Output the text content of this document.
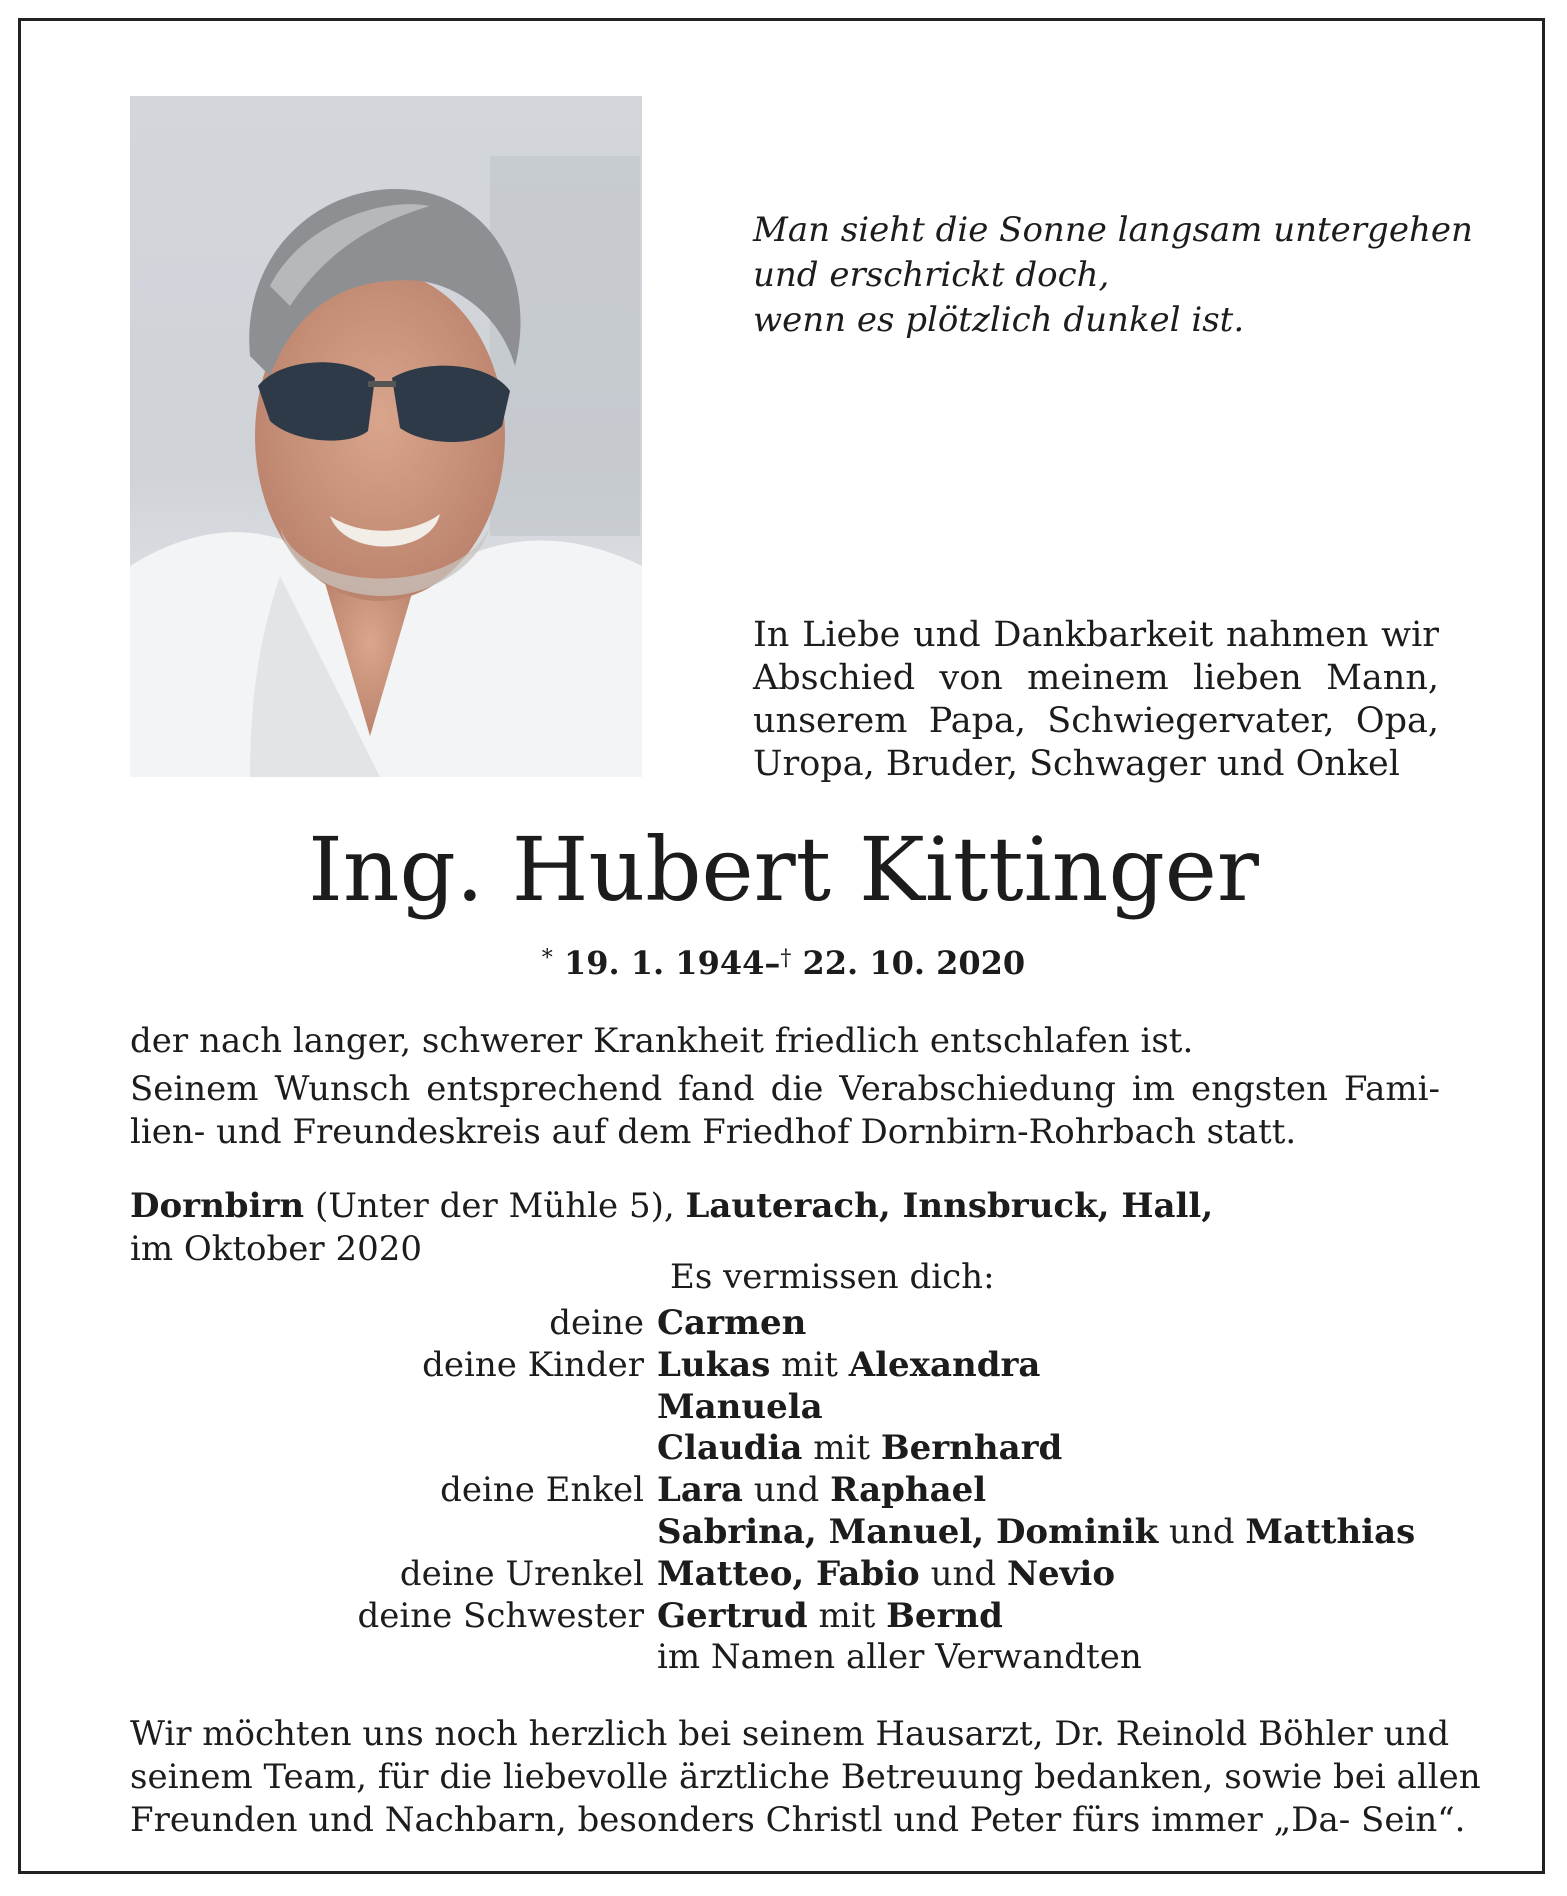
Man sieht die Sonne langsam untergehen
und erschrickt doch,
wenn es plötzlich dunkel ist.
In Liebe und Dankbarkeit nahmen wir
Abschied von meinem lieben Mann,
unserem Papa, Schwiegervater, Opa,
Uropa, Bruder, Schwager und Onkel
Ing. Hubert Kittinger
* 19. 1. 1944–† 22. 10. 2020
der nach langer, schwerer Krankheit friedlich entschlafen ist.
Seinem Wunsch entsprechend fand die Verabschiedung im engsten Fami-
lien- und Freundeskreis auf dem Friedhof Dornbirn-Rohrbach statt.
Dornbirn (Unter der Mühle 5), Lauterach, Innsbruck, Hall,
im Oktober 2020
Es vermissen dich:
deine Carmen
deine Kinder Lukas mit Alexandra
Manuela
Claudia mit Bernhard
deine Enkel Lara und Raphael
Sabrina, Manuel, Dominik und Matthias
deine Urenkel Matteo, Fabio und Nevio
deine Schwester Gertrud mit Bernd
im Namen aller Verwandten
Wir möchten uns noch herzlich bei seinem Hausarzt, Dr. Reinold Böhler und
seinem Team, für die liebevolle ärztliche Betreuung bedanken, sowie bei allen
Freunden und Nachbarn, besonders Christl und Peter fürs immer „Da- Sein“.
